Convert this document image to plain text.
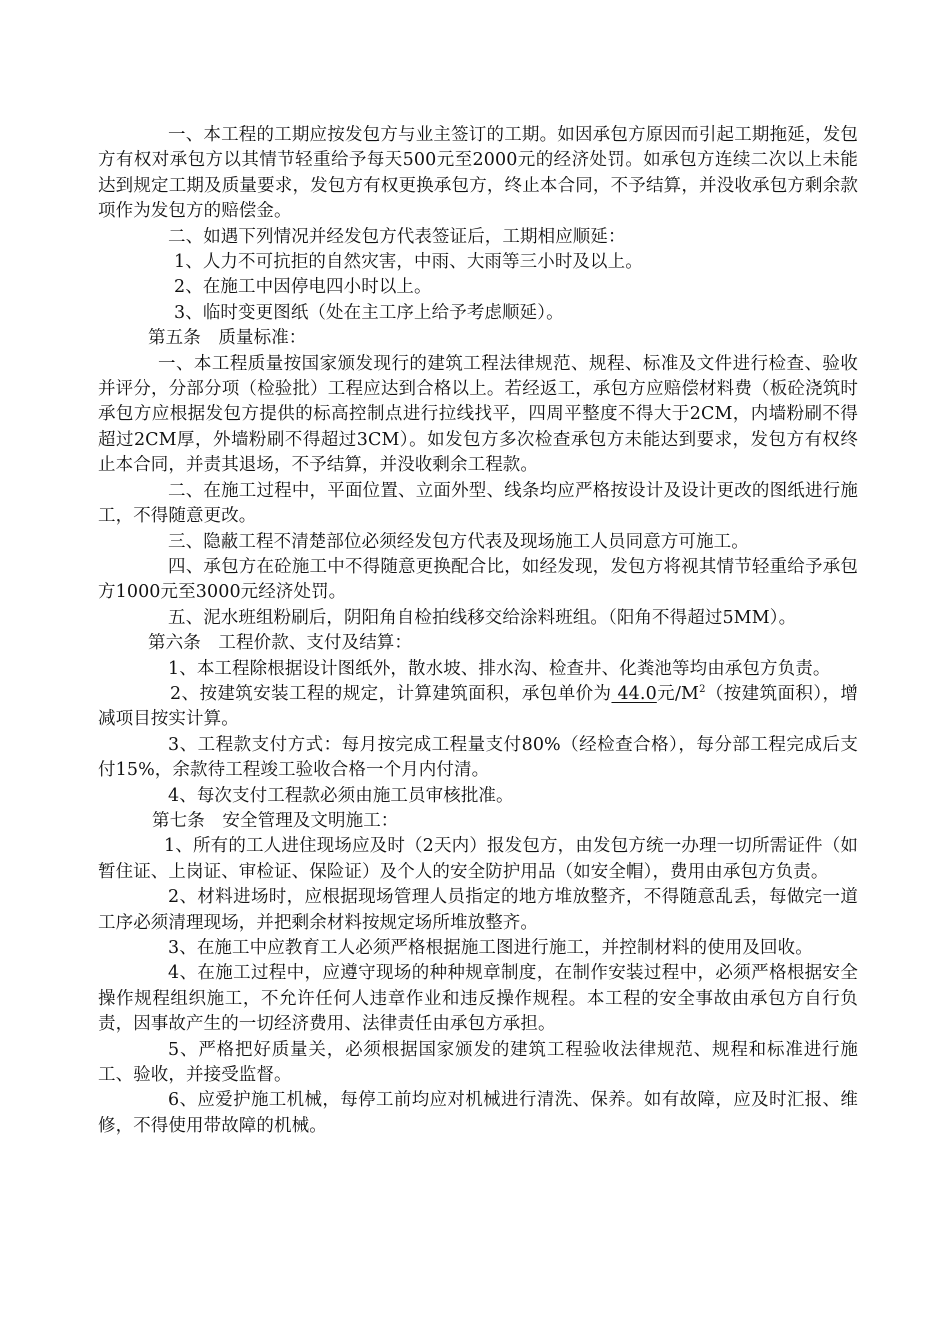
一、本工程的工期应按发包方与业主签订的工期。如因承包方原因而引起工期拖延，发包方有权对承包方以其情节轻重给予每天500元至2000元的经济处罚。如承包方连续二次以上未能达到规定工期及质量要求，发包方有权更换承包方，终止本合同，不予结算，并没收承包方剩余款项作为发包方的赔偿金。

二、如遇下列情况并经发包方代表签证后，工期相应顺延：

1、人力不可抗拒的自然灾害，中雨、大雨等三小时及以上。

2、在施工中因停电四小时以上。

3、临时变更图纸（处在主工序上给予考虑顺延）。

第五条　质量标准：

一、本工程质量按国家颁发现行的建筑工程法律规范、规程、标准及文件进行检查、验收并评分，分部分项（检验批）工程应达到合格以上。若经返工，承包方应赔偿材料费（板砼浇筑时承包方应根据发包方提供的标高控制点进行拉线找平，四周平整度不得大于2CM，内墙粉刷不得超过2CM厚，外墙粉刷不得超过3CM）。如发包方多次检查承包方未能达到要求，发包方有权终止本合同，并责其退场，不予结算，并没收剩余工程款。

二、在施工过程中，平面位置、立面外型、线条均应严格按设计及设计更改的图纸进行施工，不得随意更改。

三、隐蔽工程不清楚部位必须经发包方代表及现场施工人员同意方可施工。

四、承包方在砼施工中不得随意更换配合比，如经发现，发包方将视其情节轻重给予承包方1000元至3000元经济处罚。

五、泥水班组粉刷后，阴阳角自检拍线移交给涂料班组。（阳角不得超过5MM）。

第六条　工程价款、支付及结算：

1、本工程除根据设计图纸外，散水坡、排水沟、检查井、化粪池等均由承包方负责。

2、按建筑安装工程的规定，计算建筑面积，承包单价为 44.0元$/M^2$（按建筑面积），增减项目按实计算。

3、工程款支付方式：每月按完成工程量支付80%（经检查合格），每分部工程完成后支付15%，余款待工程竣工验收合格一个月内付清。

4、每次支付工程款必须由施工员审核批准。

第七条　安全管理及文明施工：

1、所有的工人进住现场应及时（2天内）报发包方，由发包方统一办理一切所需证件（如暂住证、上岗证、审检证、保险证）及个人的安全防护用品（如安全帽），费用由承包方负责。

2、材料进场时，应根据现场管理人员指定的地方堆放整齐，不得随意乱丢，每做完一道工序必须清理现场，并把剩余材料按规定场所堆放整齐。

3、在施工中应教育工人必须严格根据施工图进行施工，并控制材料的使用及回收。

4、在施工过程中，应遵守现场的种种规章制度，在制作安装过程中，必须严格根据安全操作规程组织施工，不允许任何人违章作业和违反操作规程。本工程的安全事故由承包方自行负责，因事故产生的一切经济费用、法律责任由承包方承担。

5、严格把好质量关，必须根据国家颁发的建筑工程验收法律规范、规程和标准进行施工、验收，并接受监督。

6、应爱护施工机械，每停工前均应对机械进行清洗、保养。如有故障，应及时汇报、维修，不得使用带故障的机械。
